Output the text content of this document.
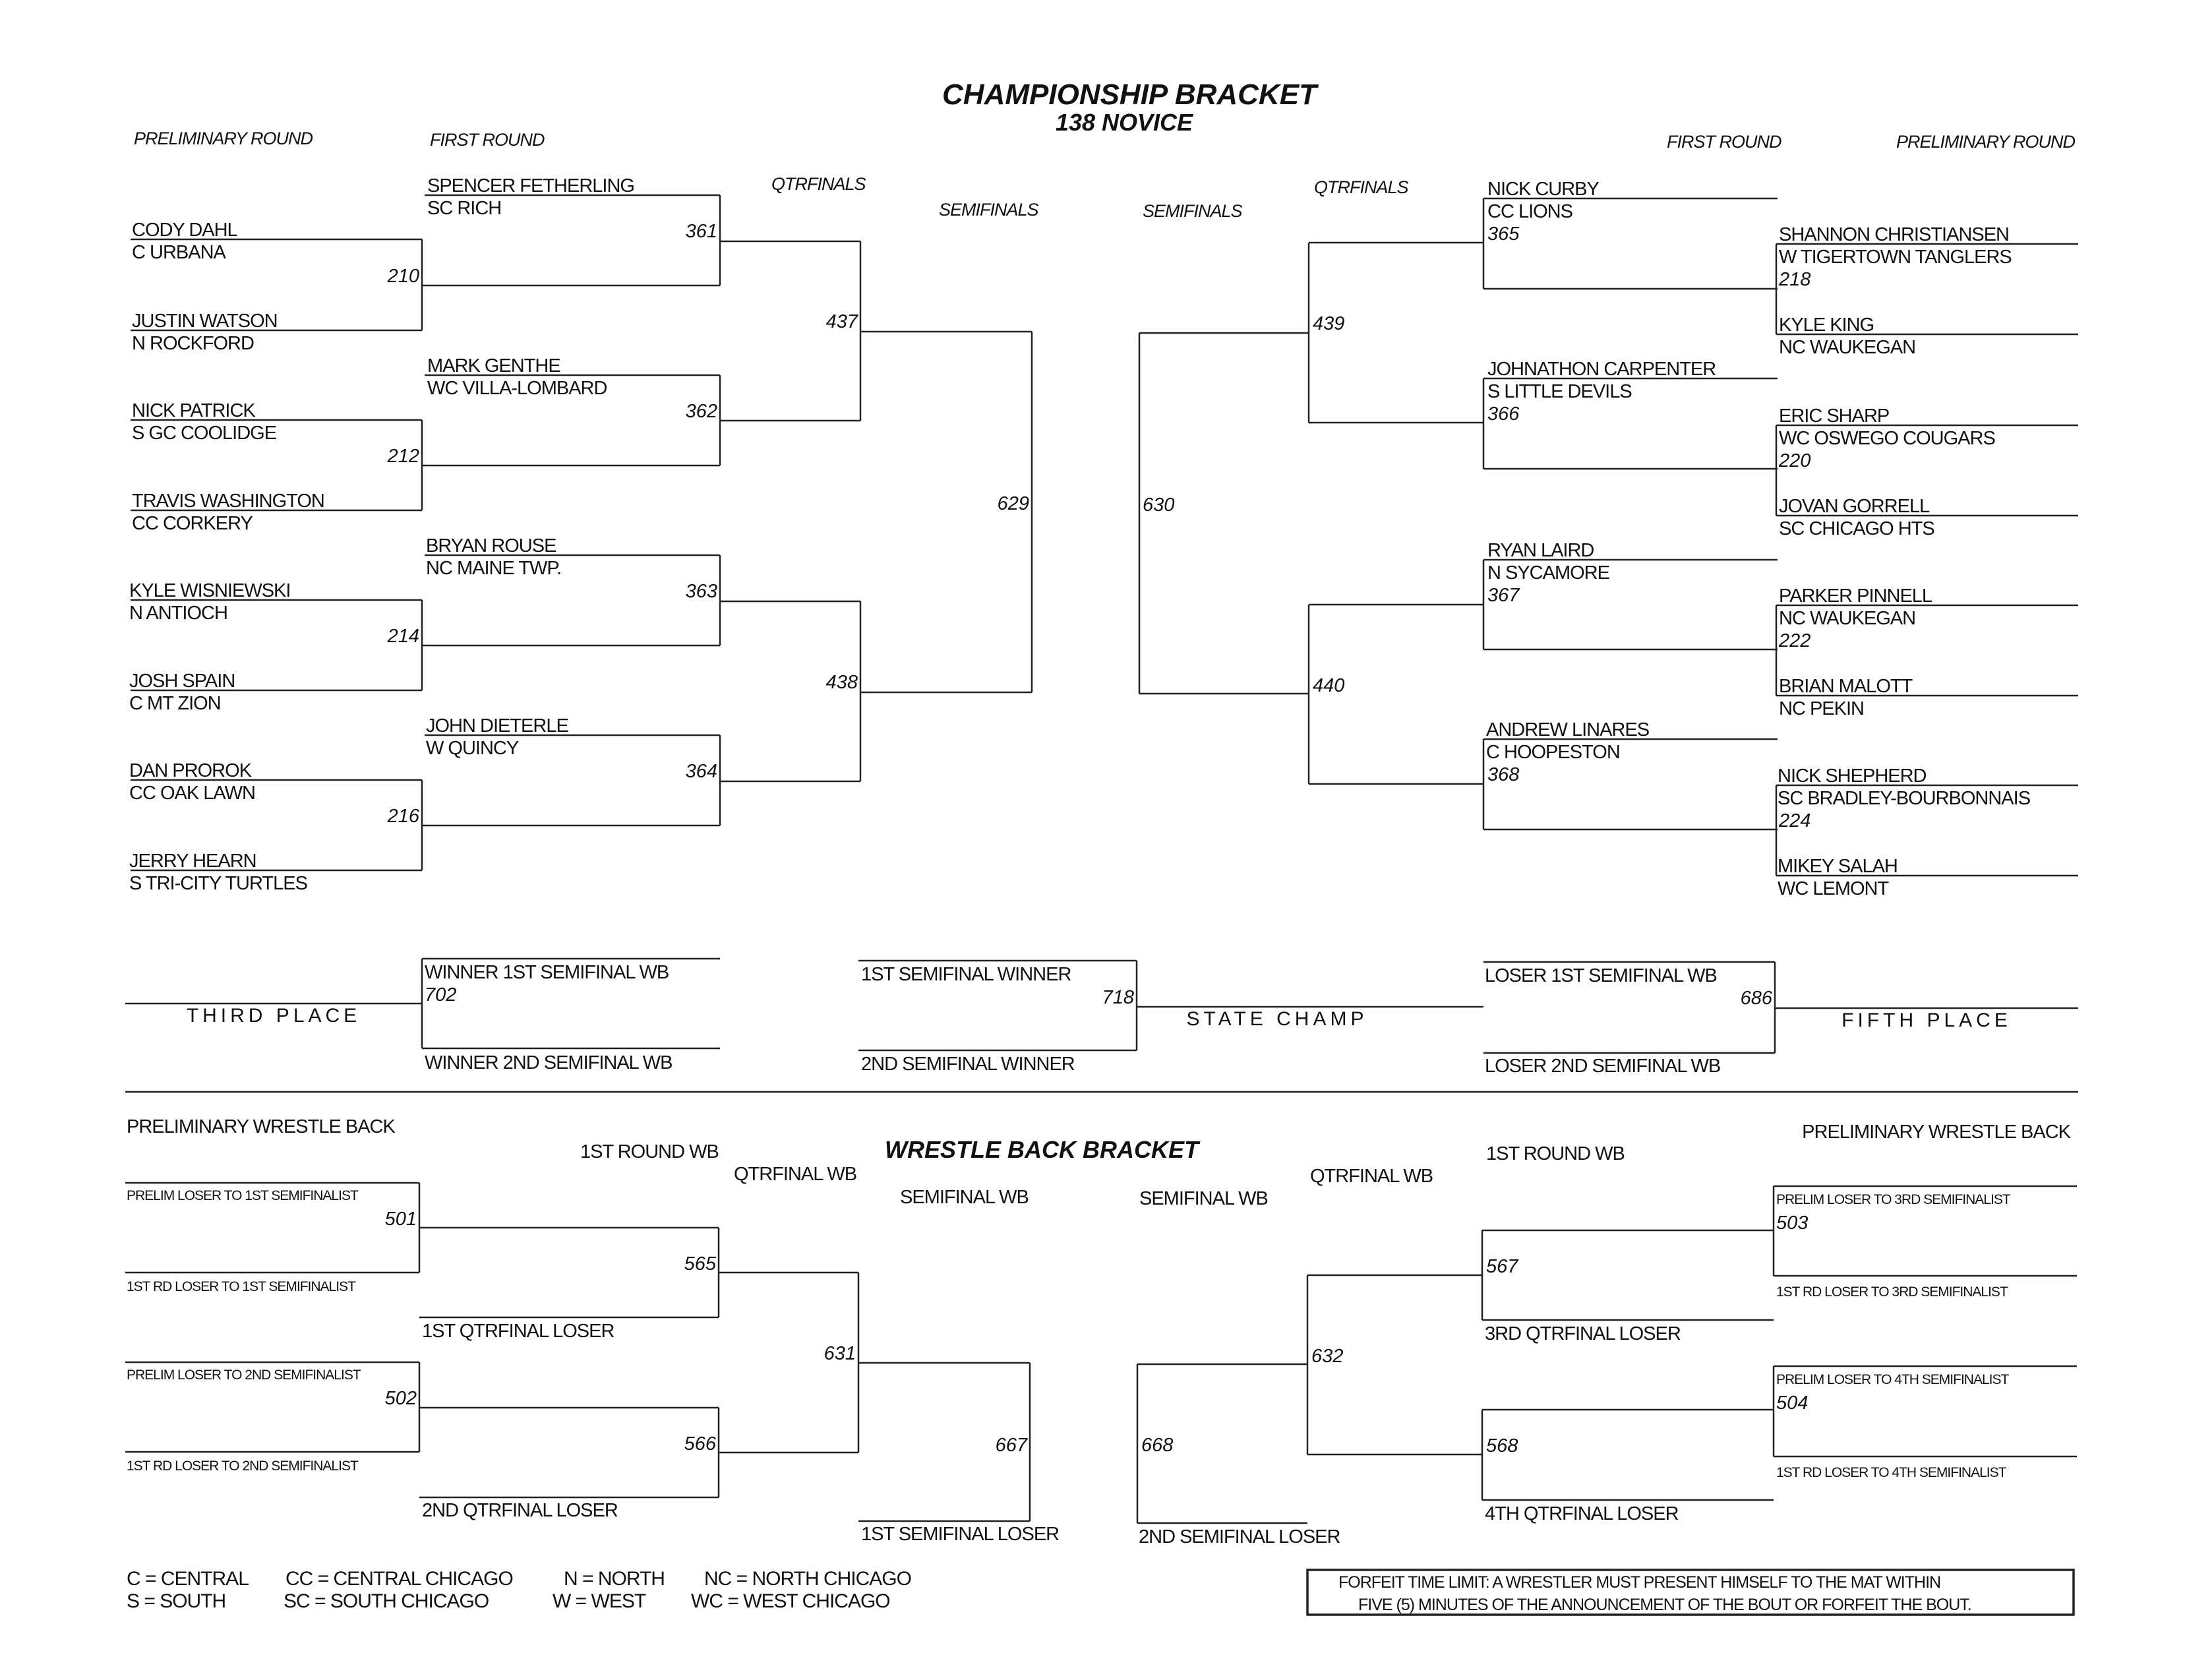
CHAMPIONSHIP BRACKET
138 NOVICE
PRELIMINARY ROUND	FIRST ROUND
QTRFINALS
SEMIFINALS	SEMIFINALS
QTRFINALS
FIRST ROUND	PRELIMINARY ROUND
CODY DAHL
C URBANA
JUSTIN WATSON
N ROCKFORD
210
NICK PATRICK
S GC COOLIDGE
TRAVIS WASHINGTON
CC CORKERY
212
KYLE WISNIEWSKI
N ANTIOCH
JOSH SPAIN
C MT ZION
214
DAN PROROK
CC OAK LAWN
JERRY HEARN
S TRI-CITY TURTLES
216
SPENCER FETHERLING
SC RICH
361
MARK GENTHE
WC VILLA-LOMBARD
362
BRYAN ROUSE
NC MAINE TWP.
363
JOHN DIETERLE
W QUINCY
364
437
438
629	630
439
440
NICK CURBY
CC LIONS
365
JOHNATHON CARPENTER
S LITTLE DEVILS
366
RYAN LAIRD
N SYCAMORE
367
ANDREW LINARES
C HOOPESTON
368
SHANNON CHRISTIANSEN
W TIGERTOWN TANGLERS
218
KYLE KING
NC WAUKEGAN
ERIC SHARP
WC OSWEGO COUGARS
220
JOVAN GORRELL
SC CHICAGO HTS
PARKER PINNELL
NC WAUKEGAN
222
BRIAN MALOTT
NC PEKIN
NICK SHEPHERD
SC BRADLEY-BOURBONNAIS
224
MIKEY SALAH
WC LEMONT
THIRD PLACE
WINNER 1ST SEMIFINAL WB
702
WINNER 2ND SEMIFINAL WB
1ST SEMIFINAL WINNER
718
2ND SEMIFINAL WINNER
STATE CHAMP
LOSER 1ST SEMIFINAL WB
686
LOSER 2ND SEMIFINAL WB
FIFTH PLACE
WRESTLE BACK BRACKET
PRELIMINARY WRESTLE BACK
1ST ROUND WB
QTRFINAL WB
SEMIFINAL WB	SEMIFINAL WB
QTRFINAL WB
1ST ROUND WB
PRELIMINARY WRESTLE BACK
PRELIM LOSER TO 1ST SEMIFINALIST
1ST RD LOSER TO 1ST SEMIFINALIST
501
PRELIM LOSER TO 2ND SEMIFINALIST
1ST RD LOSER TO 2ND SEMIFINALIST
502
565
1ST QTRFINAL LOSER
566
2ND QTRFINAL LOSER
631
667
1ST SEMIFINAL LOSER
668
2ND SEMIFINAL LOSER
632
567
3RD QTRFINAL LOSER
568
4TH QTRFINAL LOSER
PRELIM LOSER TO 3RD SEMIFINALIST
503
1ST RD LOSER TO 3RD SEMIFINALIST
PRELIM LOSER TO 4TH SEMIFINALIST
504
1ST RD LOSER TO 4TH SEMIFINALIST
C = CENTRAL CC = CENTRAL CHICAGO	N = NORTH NC = NORTH CHICAGO
S = SOUTH	SC = SOUTH CHICAGO	W = WEST WC = WEST CHICAGO
FORFEIT TIME LIMIT: A WRESTLER MUST PRESENT HIMSELF TO THE MAT WITHIN
FIVE (5) MINUTES OF THE ANNOUNCEMENT OF THE BOUT OR FORFEIT THE BOUT.
